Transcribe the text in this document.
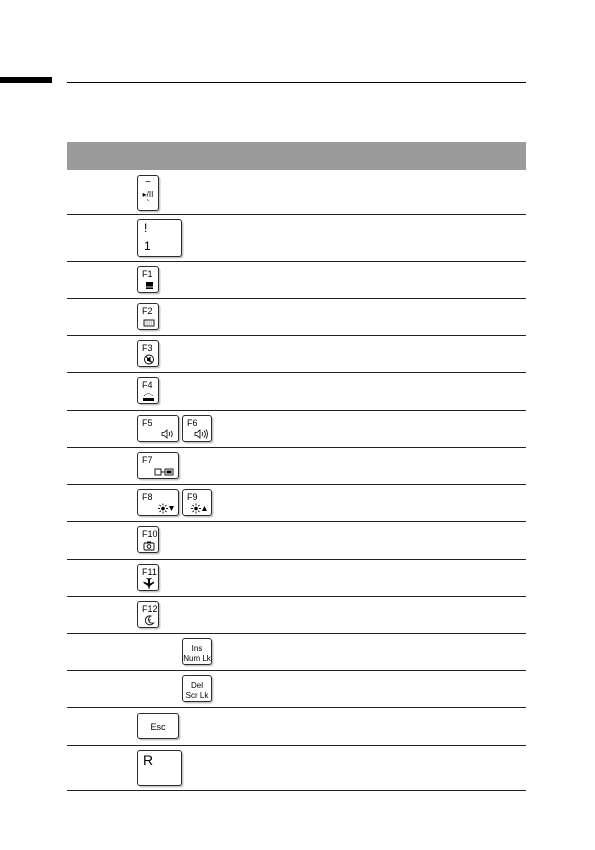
~
▸/II
`
!
1
F1
F2
F3
F4
F5	F6
F7
F8	F9
F10
F11
F12
z
Ins
Num Lk
Del
Scr Lk
Esc
R
